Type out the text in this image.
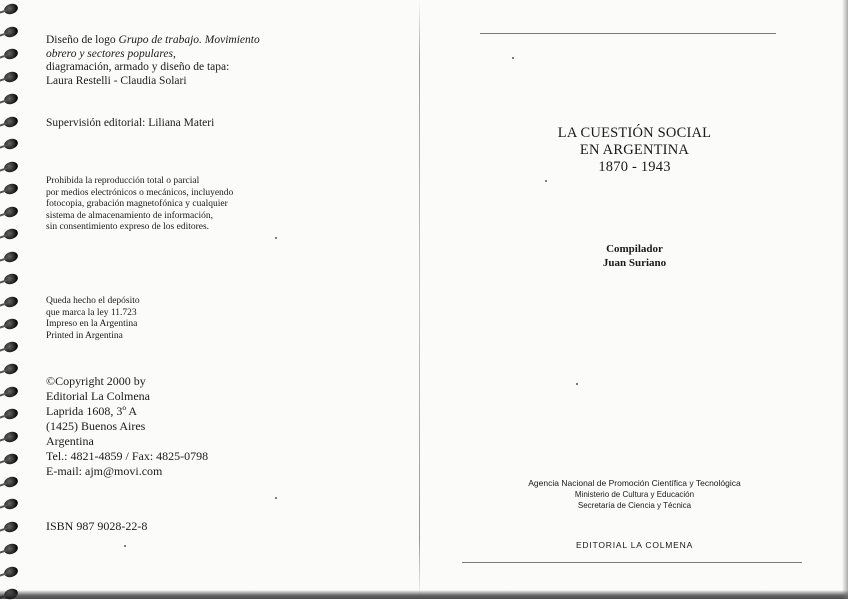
Diseño de logo Grupo de trabajo. Movimiento

obrero y sectores populares,

diagramación, armado y diseño de tapa:

Laura Restelli - Claudia Solari

Supervisión editorial: Liliana Materi

Prohibida la reproducción total o parcial

por medios electrónicos o mecánicos, incluyendo

fotocopia, grabación magnetofónica y cualquier

sistema de almacenamiento de información,

sin consentimiento expreso de los editores.

Queda hecho el depósito

que marca la ley 11.723

Impreso en la Argentina

Printed in Argentina

©Copyright 2000 by

Editorial La Colmena

Laprida 1608, 3º A

(1425) Buenos Aires

Argentina

Tel.: 4821-4859 / Fax: 4825-0798

E-mail: ajm@movi.com

ISBN 987 9028-22-8

LA CUESTIÓN SOCIAL

EN ARGENTINA

1870 - 1943

Compilador

Juan Suriano

Agencia Nacional de Promoción Científica y Tecnológica

Ministerio de Cultura y Educación

Secretaría de Ciencia y Técnica

EDITORIAL LA COLMENA
